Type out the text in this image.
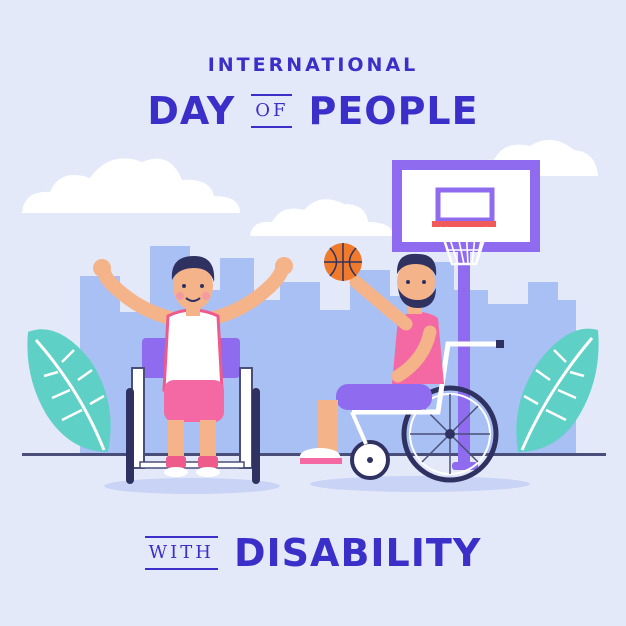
INTERNATIONAL
DAY OF PEOPLE
WITH DISABILITY
